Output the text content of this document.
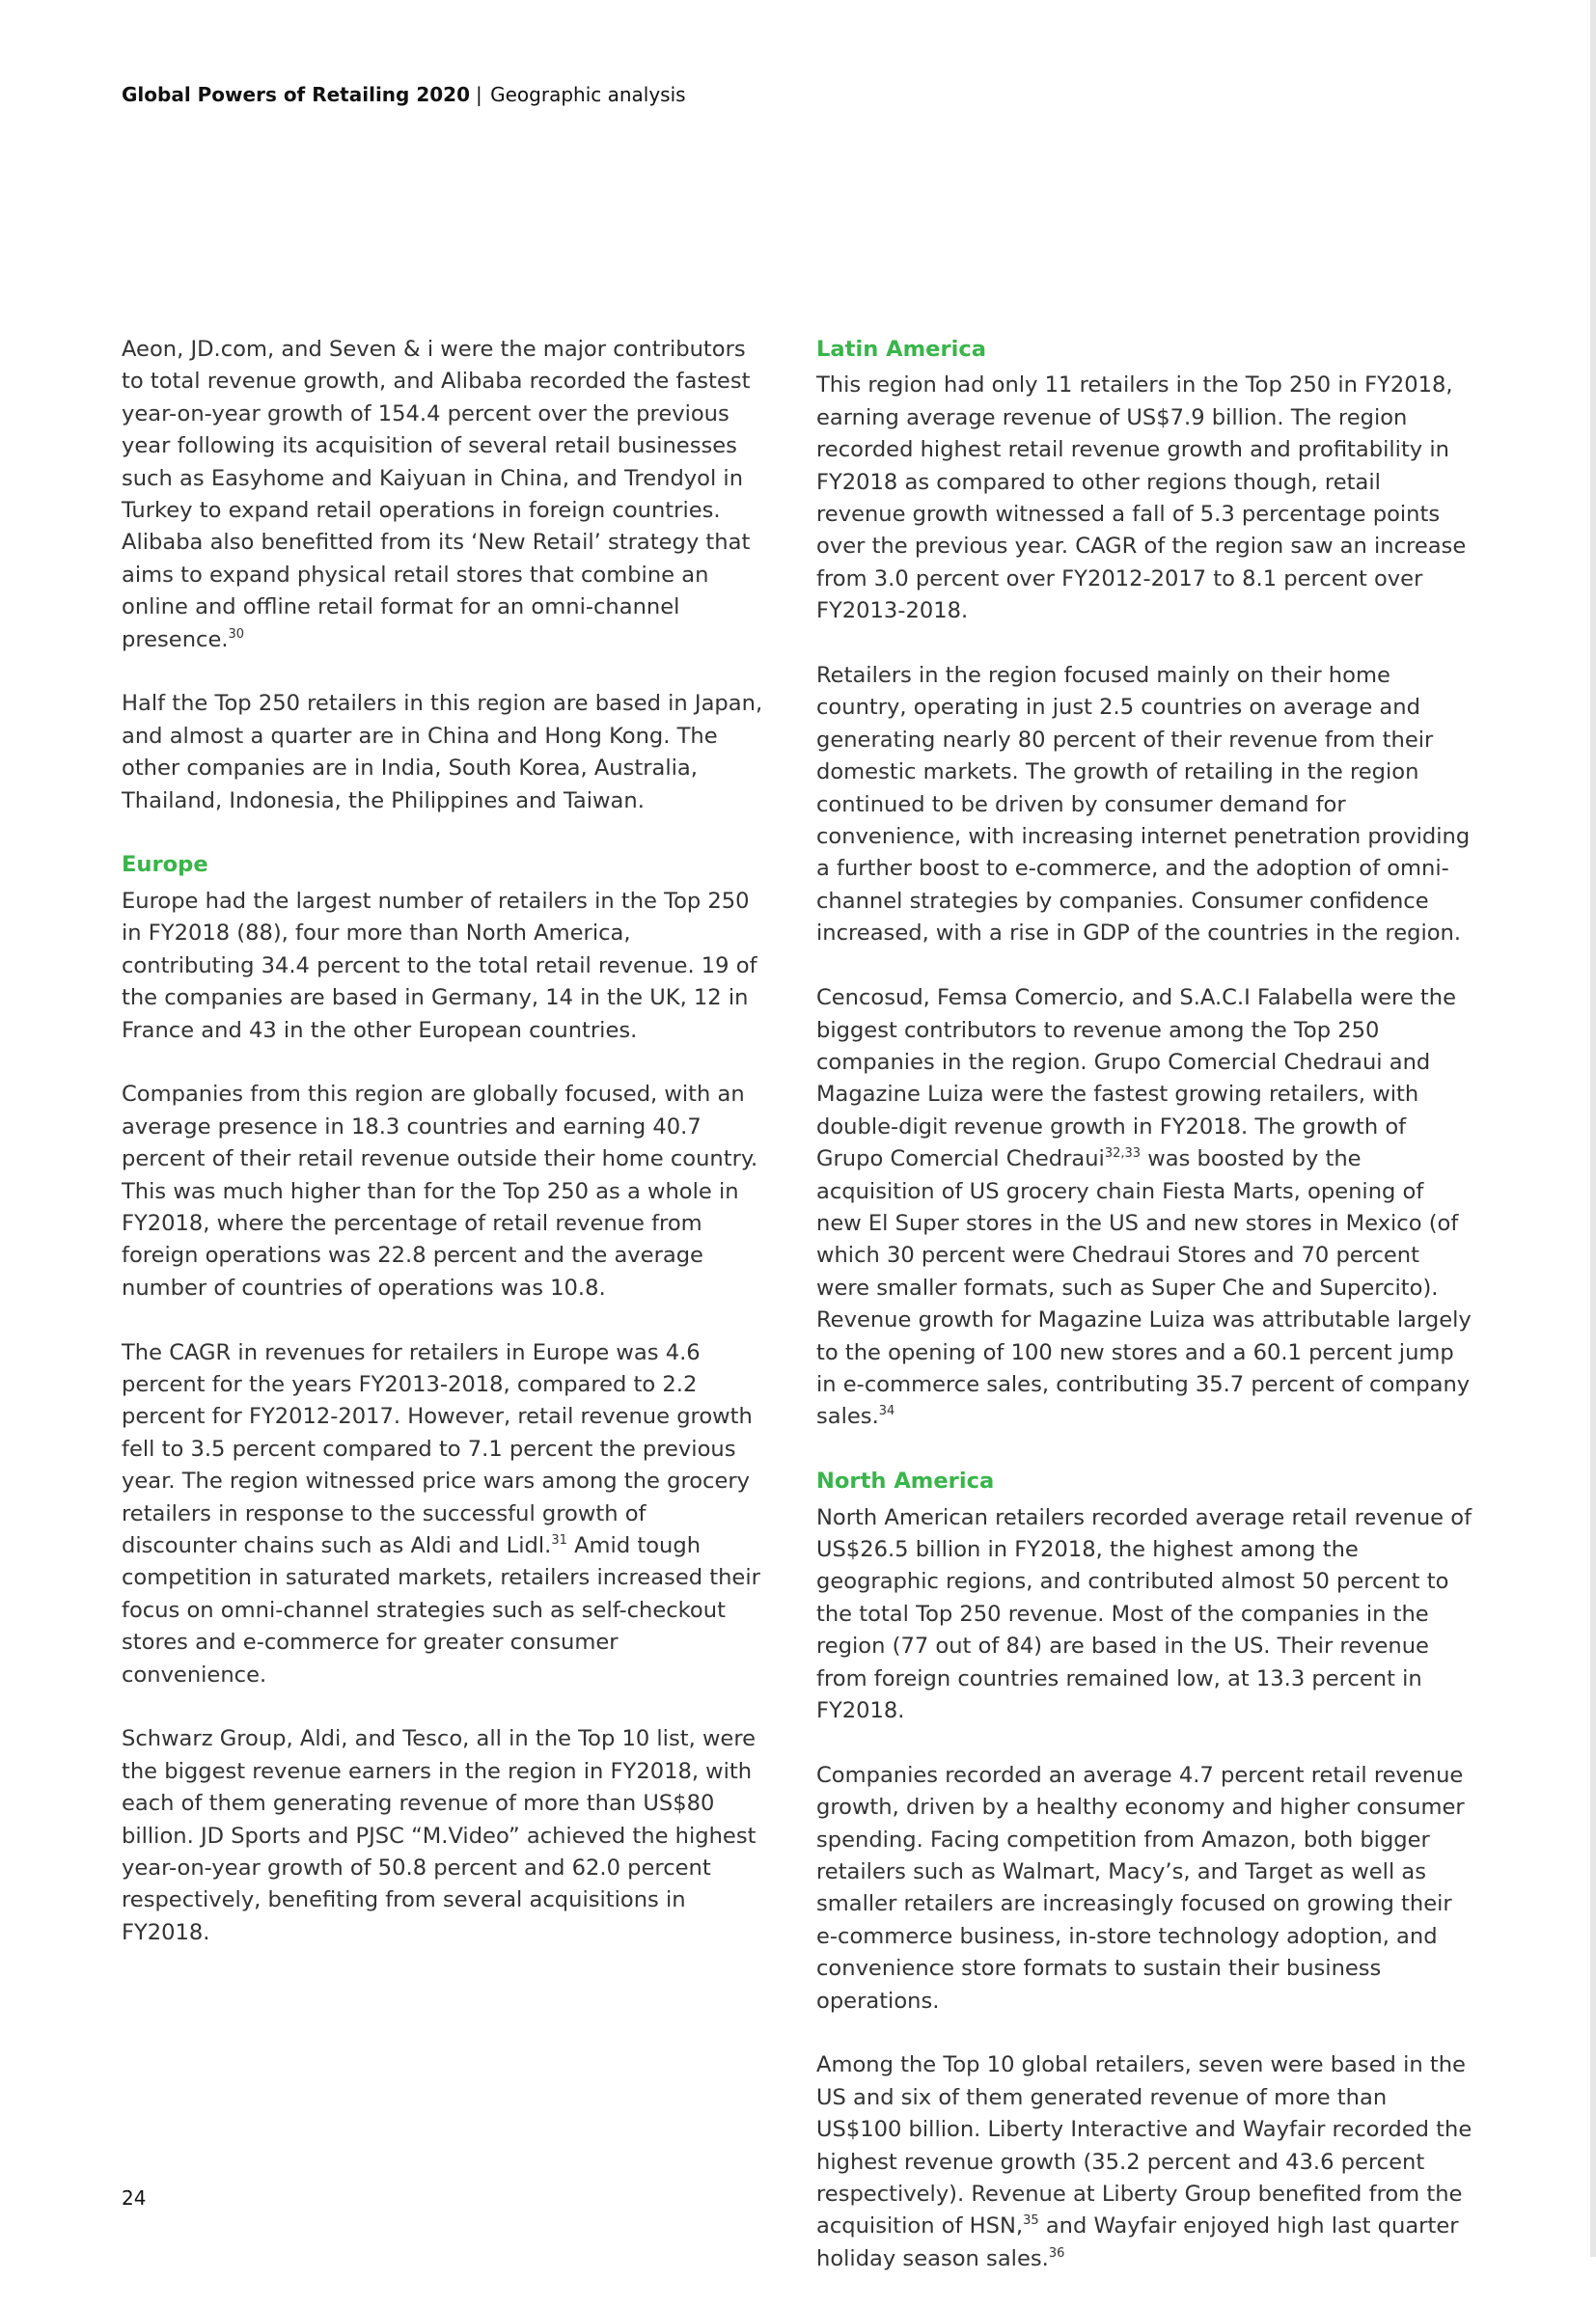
Global Powers of Retailing 2020 | Geographic analysis

Aeon, JD.com, and Seven & i were the major contributors to total revenue growth, and Alibaba recorded the fastest year-on-year growth of 154.4 percent over the previous year following its acquisition of several retail businesses such as Easyhome and Kaiyuan in China, and Trendyol in Turkey to expand retail operations in foreign countries. Alibaba also benefitted from its ‘New Retail’ strategy that aims to expand physical retail stores that combine an online and offline retail format for an omni-channel presence.$^{30}$

Half the Top 250 retailers in this region are based in Japan, and almost a quarter are in China and Hong Kong. The other companies are in India, South Korea, Australia, Thailand, Indonesia, the Philippines and Taiwan.

Europe

Europe had the largest number of retailers in the Top 250 in FY2018 (88), four more than North America, contributing 34.4 percent to the total retail revenue. 19 of the companies are based in Germany, 14 in the UK, 12 in France and 43 in the other European countries.

Companies from this region are globally focused, with an average presence in 18.3 countries and earning 40.7 percent of their retail revenue outside their home country. This was much higher than for the Top 250 as a whole in FY2018, where the percentage of retail revenue from foreign operations was 22.8 percent and the average number of countries of operations was 10.8.

The CAGR in revenues for retailers in Europe was 4.6 percent for the years FY2013-2018, compared to 2.2 percent for FY2012-2017. However, retail revenue growth fell to 3.5 percent compared to 7.1 percent the previous year. The region witnessed price wars among the grocery retailers in response to the successful growth of discounter chains such as Aldi and Lidl.$^{31}$ Amid tough competition in saturated markets, retailers increased their focus on omni-channel strategies such as self-checkout stores and e-commerce for greater consumer convenience.

Schwarz Group, Aldi, and Tesco, all in the Top 10 list, were the biggest revenue earners in the region in FY2018, with each of them generating revenue of more than US$80 billion. JD Sports and PJSC “M.Video” achieved the highest year-on-year growth of 50.8 percent and 62.0 percent respectively, benefiting from several acquisitions in FY2018.

Latin America

This region had only 11 retailers in the Top 250 in FY2018, earning average revenue of US$7.9 billion. The region recorded highest retail revenue growth and profitability in FY2018 as compared to other regions though, retail revenue growth witnessed a fall of 5.3 percentage points over the previous year. CAGR of the region saw an increase from 3.0 percent over FY2012-2017 to 8.1 percent over FY2013-2018.

Retailers in the region focused mainly on their home country, operating in just 2.5 countries on average and generating nearly 80 percent of their revenue from their domestic markets. The growth of retailing in the region continued to be driven by consumer demand for convenience, with increasing internet penetration providing a further boost to e-commerce, and the adoption of omni-channel strategies by companies. Consumer confidence increased, with a rise in GDP of the countries in the region.

Cencosud, Femsa Comercio, and S.A.C.I Falabella were the biggest contributors to revenue among the Top 250 companies in the region. Grupo Comercial Chedraui and Magazine Luiza were the fastest growing retailers, with double-digit revenue growth in FY2018. The growth of Grupo Comercial Chedraui$^{32,33}$ was boosted by the acquisition of US grocery chain Fiesta Marts, opening of new El Super stores in the US and new stores in Mexico (of which 30 percent were Chedraui Stores and 70 percent were smaller formats, such as Super Che and Supercito). Revenue growth for Magazine Luiza was attributable largely to the opening of 100 new stores and a 60.1 percent jump in e-commerce sales, contributing 35.7 percent of company sales.$^{34}$

North America

North American retailers recorded average retail revenue of US$26.5 billion in FY2018, the highest among the geographic regions, and contributed almost 50 percent to the total Top 250 revenue. Most of the companies in the region (77 out of 84) are based in the US. Their revenue from foreign countries remained low, at 13.3 percent in FY2018.

Companies recorded an average 4.7 percent retail revenue growth, driven by a healthy economy and higher consumer spending. Facing competition from Amazon, both bigger retailers such as Walmart, Macy’s, and Target as well as smaller retailers are increasingly focused on growing their e-commerce business, in-store technology adoption, and convenience store formats to sustain their business operations.

Among the Top 10 global retailers, seven were based in the US and six of them generated revenue of more than US$100 billion. Liberty Interactive and Wayfair recorded the highest revenue growth (35.2 percent and 43.6 percent respectively). Revenue at Liberty Group benefited from the acquisition of HSN,$^{35}$ and Wayfair enjoyed high last quarter holiday season sales.$^{36}$

24
